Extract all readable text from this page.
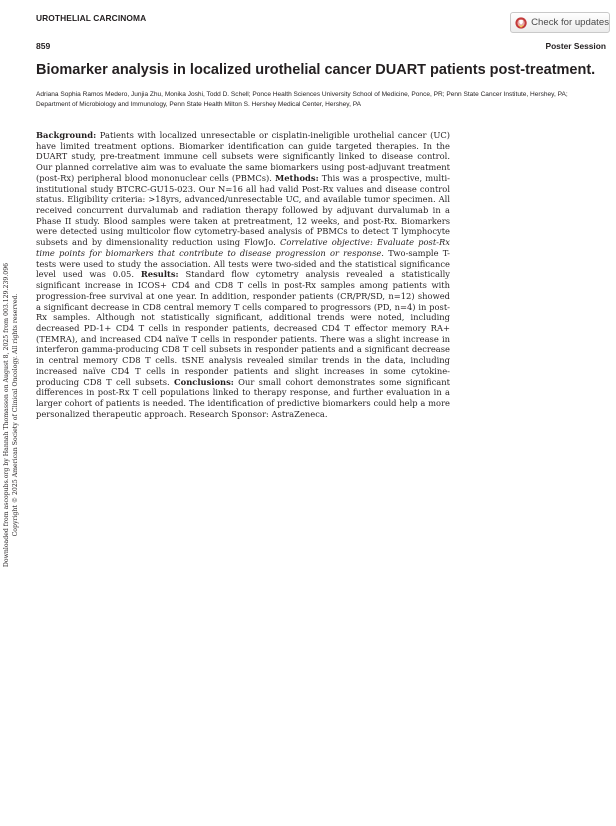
UROTHELIAL CARCINOMA	Check for updates
859	Poster Session
Biomarker analysis in localized urothelial cancer DUART patients post-treatment.
Adriana Sophia Ramos Medero, Junjia Zhu, Monika Joshi, Todd D. Schell; Ponce Health Sciences University School of Medicine, Ponce, PR; Penn State Cancer Institute, Hershey, PA; Department of Microbiology and Immunology, Penn State Health Milton S. Hershey Medical Center, Hershey, PA

Background: Patients with localized unresectable or cisplatin-ineligible urothelial cancer (UC) have limited treatment options. Biomarker identification can guide targeted therapies. In the DUART study, pre-treatment immune cell subsets were significantly linked to disease control. Our planned correlative aim was to evaluate the same biomarkers using post-adjuvant treatment (post-Rx) peripheral blood mononuclear cells (PBMCs). Methods: This was a prospective, multi-institutional study BTCRC-GU15-023. Our N=16 all had valid Post-Rx values and disease control status. Eligibility criteria: >18yrs, advanced/unresectable UC, and available tumor specimen. All received concurrent durvalumab and radiation therapy followed by adjuvant durvalumab in a Phase II study. Blood samples were taken at pretreatment, 12 weeks, and post-Rx. Biomarkers were detected using multicolor flow cytometry-based analysis of PBMCs to detect T lymphocyte subsets and by dimensionality reduction using FlowJo. Correlative objective: Evaluate post-Rx time points for biomarkers that contribute to disease progression or response. Two-sample T-tests were used to study the association. All tests were two-sided and the statistical significance level used was 0.05. Results: Standard flow cytometry analysis revealed a statistically significant increase in ICOS+ CD4 and CD8 T cells in post-Rx samples among patients with progression-free survival at one year. In addition, responder patients (CR/PR/SD, n=12) showed a significant decrease in CD8 central memory T cells compared to progressors (PD, n=4) in post-Rx samples. Although not statistically significant, additional trends were noted, including decreased PD-1+ CD4 T cells in responder patients, decreased CD4 T effector memory RA+ (TEMRA), and increased CD4 naïve T cells in responder patients. There was a slight increase in interferon gamma-producing CD8 T cell subsets in responder patients and a significant decrease in central memory CD8 T cells. tSNE analysis revealed similar trends in the data, including increased naïve CD4 T cells in responder patients and slight increases in some cytokine-producing CD8 T cell subsets. Conclusions: Our small cohort demonstrates some significant differences in post-Rx T cell populations linked to therapy response, and further evaluation in a larger cohort of patients is needed. The identification of predictive biomarkers could help a more personalized therapeutic approach. Research Sponsor: AstraZeneca.

Downloaded from ascopubs.org by Hannah Thomasson on August 8, 2025 from 003.129.239.096 Copyright © 2025 American Society of Clinical Oncology. All rights reserved.
